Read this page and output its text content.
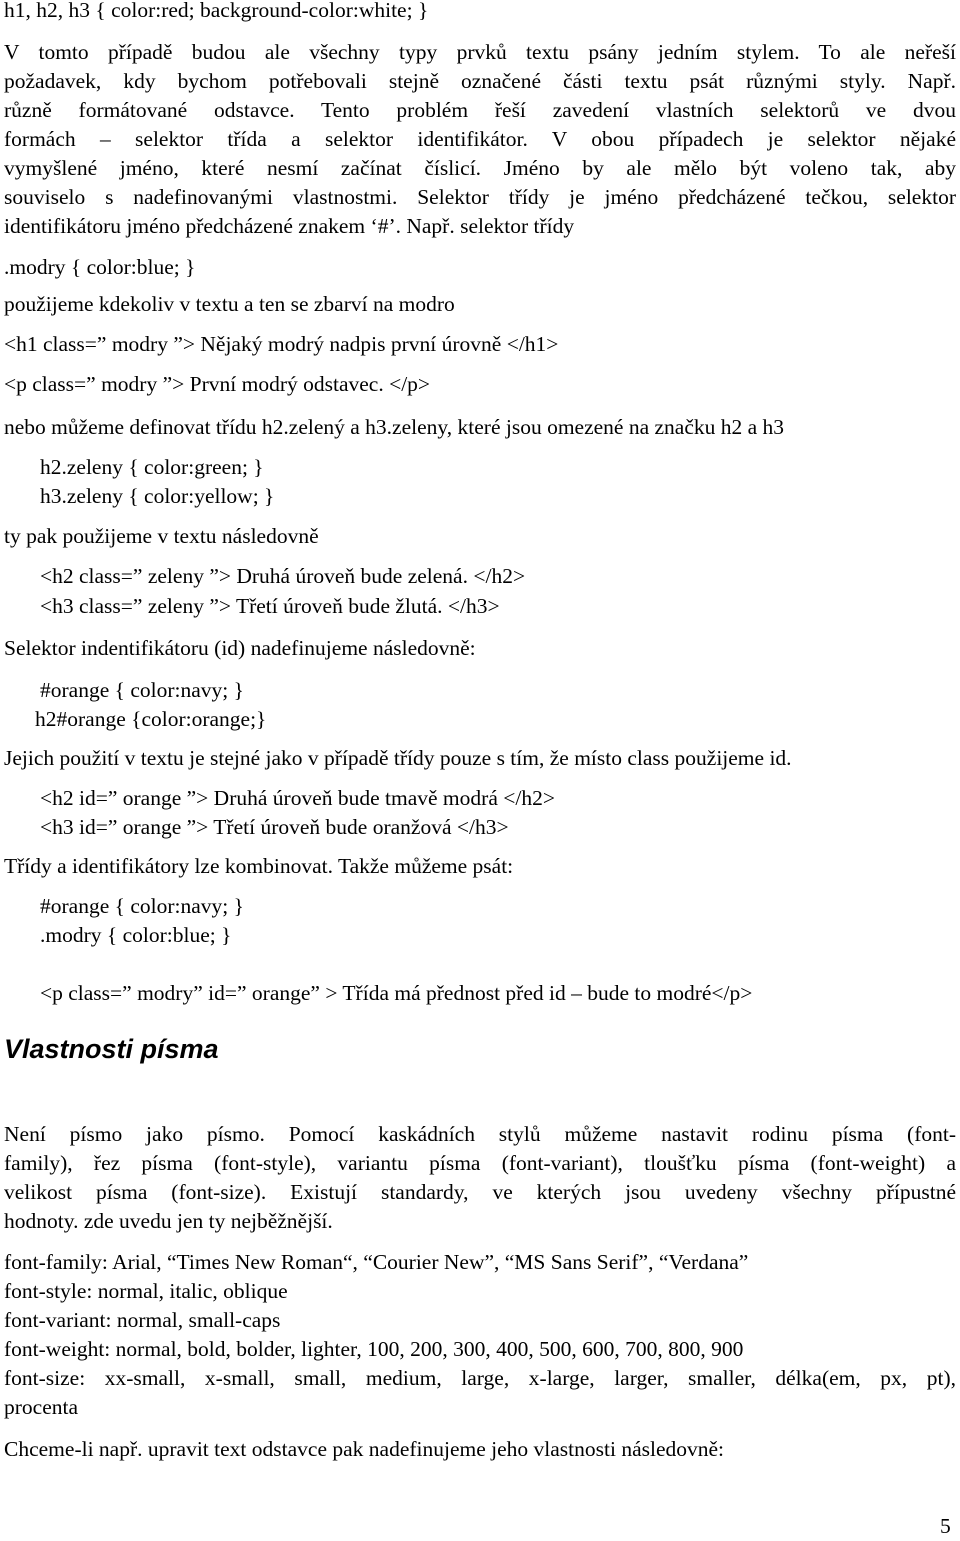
h1, h2, h3 { color:red; background-color:white; }
V tomto případě budou ale všechny typy prvků textu psány jedním stylem. To ale neřeší
požadavek, kdy bychom potřebovali stejně označené části textu psát různými styly. Např.
různě formátované odstavce. Tento problém řeší zavedení vlastních selektorů ve dvou
formách – selektor třída a selektor identifikátor. V obou případech je selektor nějaké
vymyšlené jméno, které nesmí začínat číslicí. Jméno by ale mělo být voleno tak, aby
souviselo s nadefinovanými vlastnostmi. Selektor třídy je jméno předcházené tečkou, selektor
identifikátoru jméno předcházené znakem ‘#’. Např. selektor třídy
.modry { color:blue; }
použijeme kdekoliv v textu a ten se zbarví na modro
<h1 class=” modry ”> Nějaký modrý nadpis první úrovně </h1>
<p class=” modry ”> První modrý odstavec. </p>
nebo můžeme definovat třídu h2.zelený a h3.zeleny, které jsou omezené na značku h2 a h3
h2.zeleny { color:green; }
h3.zeleny { color:yellow; }
ty pak použijeme v textu následovně
<h2 class=” zeleny ”> Druhá úroveň bude zelená. </h2>
<h3 class=” zeleny ”> Třetí úroveň bude žlutá. </h3>
Selektor indentifikátoru (id) nadefinujeme následovně:
#orange { color:navy; }
h2#orange {color:orange;}
Jejich použití v textu je stejné jako v případě třídy pouze s tím, že místo class použijeme id.
<h2 id=” orange ”> Druhá úroveň bude tmavě modrá </h2>
<h3 id=” orange ”> Třetí úroveň bude oranžová </h3>
Třídy a identifikátory lze kombinovat. Takže můžeme psát:
#orange { color:navy; }
.modry { color:blue; }
<p class=” modry” id=” orange” > Třída má přednost před id – bude to modré</p>
Vlastnosti písma
Není písmo jako písmo. Pomocí kaskádních stylů můžeme nastavit rodinu písma (font-
family), řez písma (font-style), variantu písma (font-variant), tloušťku písma (font-weight) a
velikost písma (font-size). Existují standardy, ve kterých jsou uvedeny všechny přípustné
hodnoty. zde uvedu jen ty nejběžnější.
font-family: Arial, “Times New Roman“, “Courier New”, “MS Sans Serif”, “Verdana”
font-style: normal, italic, oblique
font-variant: normal, small-caps
font-weight: normal, bold, bolder, lighter, 100, 200, 300, 400, 500, 600, 700, 800, 900
font-size: xx-small, x-small, small, medium, large, x-large, larger, smaller, délka(em, px, pt),
procenta
Chceme-li např. upravit text odstavce pak nadefinujeme jeho vlastnosti následovně:
5
